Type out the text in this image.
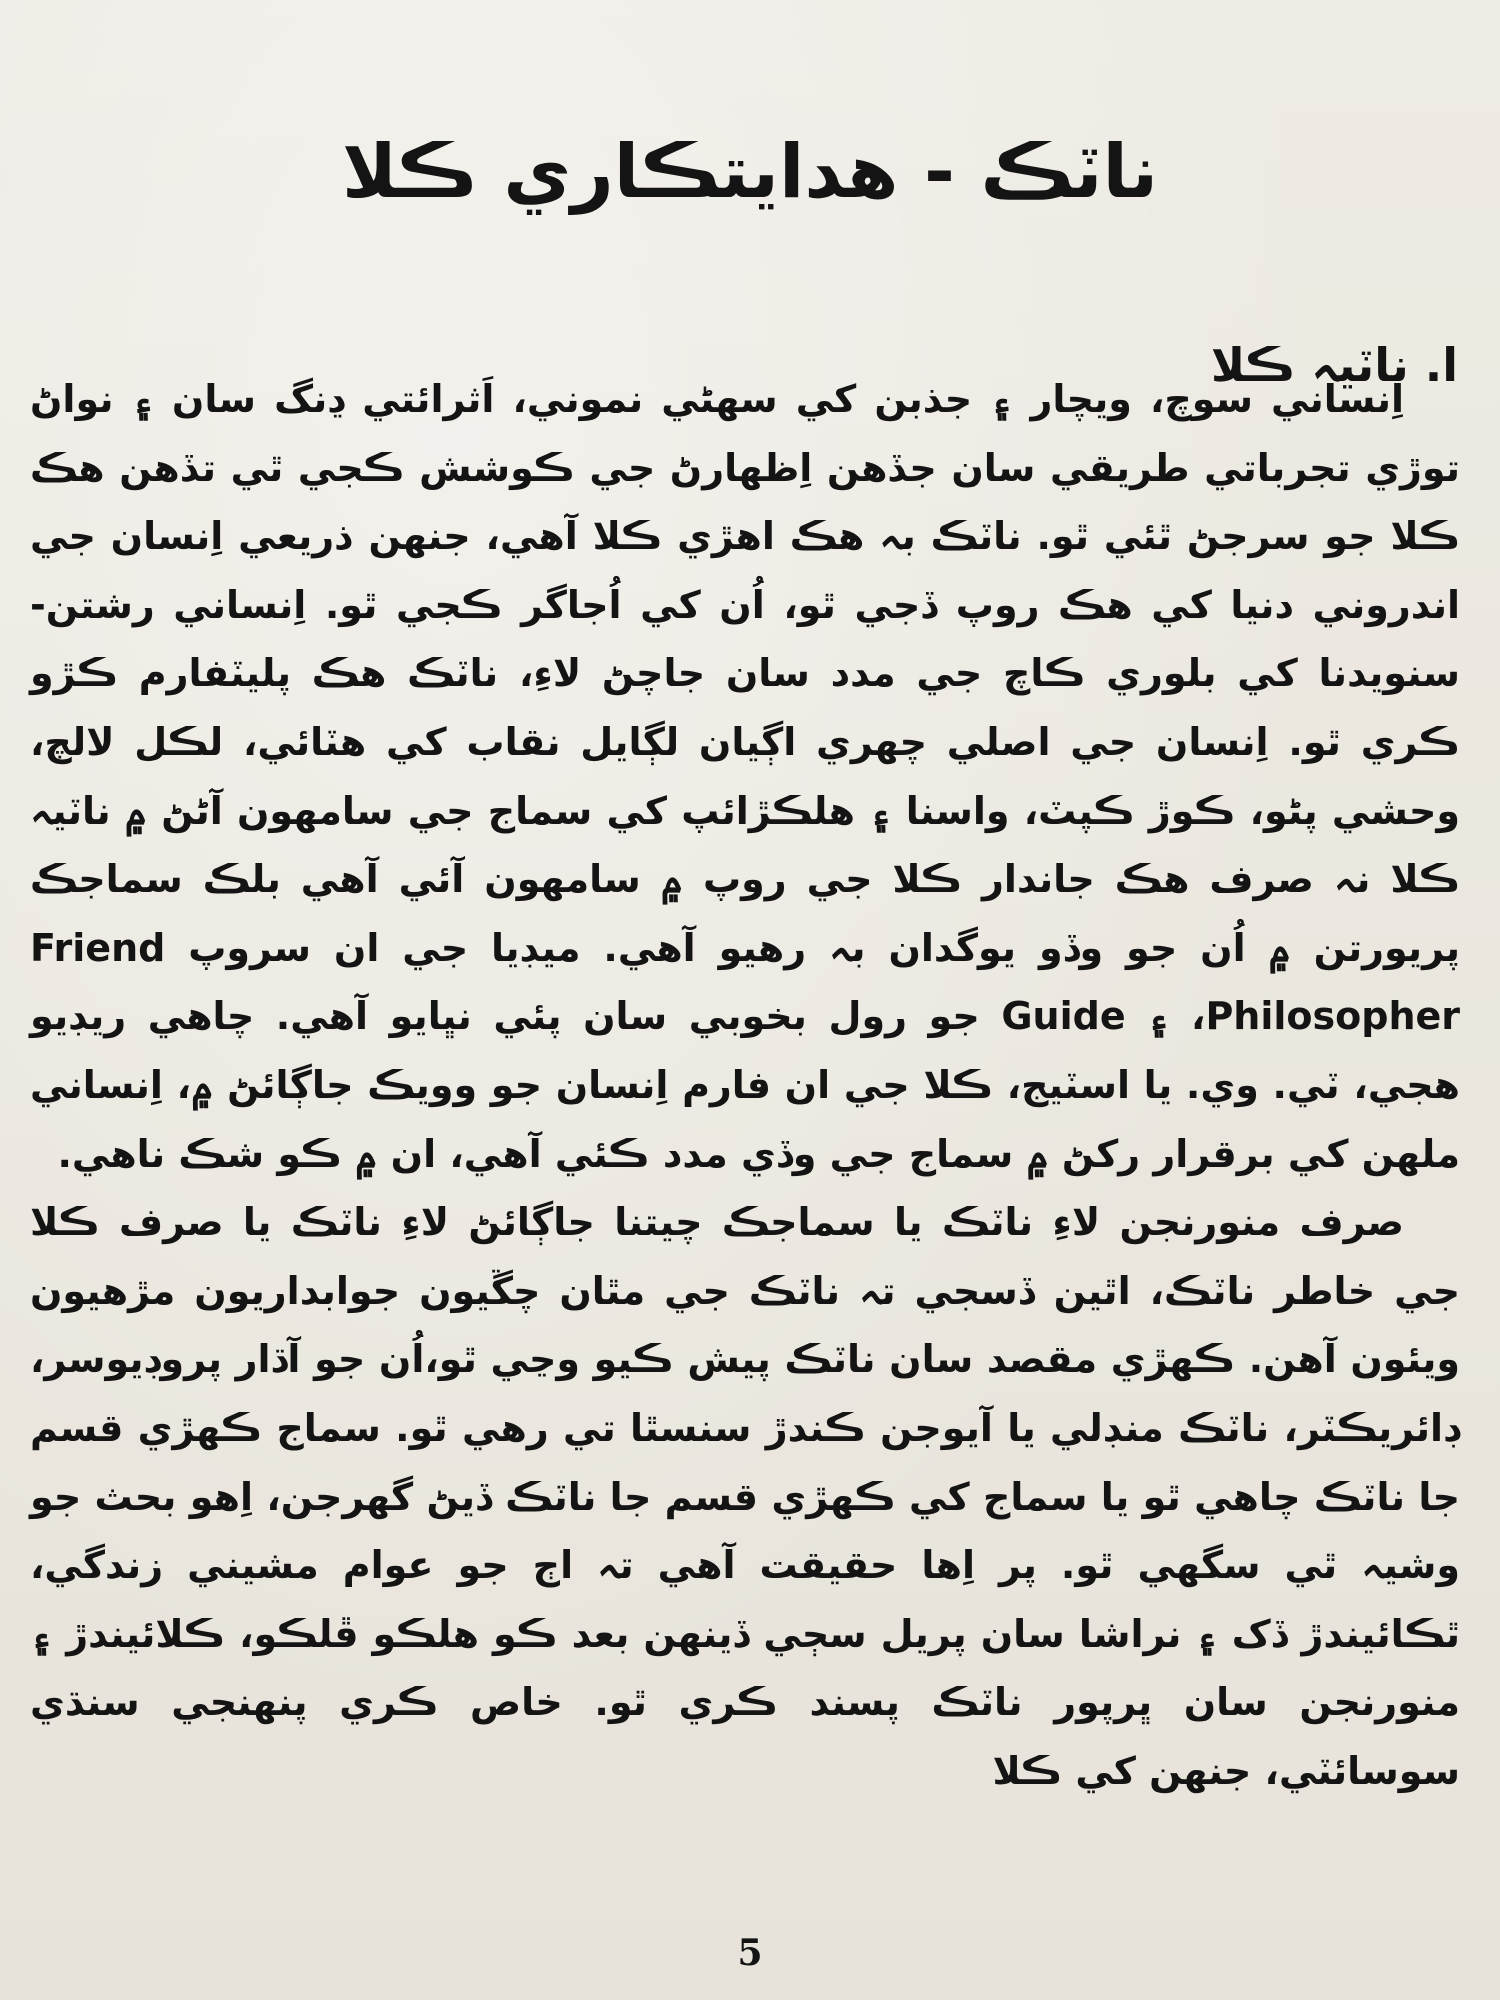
ناٽڪ - هدايتڪاري ڪلا
ا. ناٽيہ ڪلا

اِنساني سوچ، ويچار ۽ جذبن کي سهڻي نموني، اَثرائتي ڍنگ سان ۽ نواڻ توڙي تجرباتي طريقي سان جڏهن اِظهارڻ جي ڪوشش ڪجي ٿي تڏهن هڪ ڪلا جو سرجڻ ٿئي ٿو. ناٽڪ بہ هڪ اهڙي ڪلا آهي، جنهن ذريعي اِنسان جي اندروني دنيا کي هڪ روپ ڏجي ٿو، اُن کي اُجاگر ڪجي ٿو. اِنساني رشتن-سنويدنا کي بلوري ڪاچ جي مدد سان جاچڻ لاءِ، ناٽڪ هڪ پليٽفارم ڪڙو ڪري ٿو. اِنسان جي اصلي چهري اڳيان لڳايل نقاب کي هٽائي، لڪل لالچ، وحشي پڻو، ڪوڙ ڪپٽ، واسنا ۽ هلڪڙائپ کي سماج جي سامهون آڻڻ ۾ ناٽيہ ڪلا نہ صرف هڪ جاندار ڪلا جي روپ ۾ سامهون آئي آهي بلڪ سماجڪ پريورتن ۾ اُن جو وڏو يوگدان بہ رهيو آهي. ميڊيا جي ان سروپ Friend ،Philosopher ۽ Guide جو رول بخوبي سان پئي نڀايو آهي. چاهي ريڊيو هجي، ٽي. وي. يا اسٽيج، ڪلا جي ان فارم اِنسان جو وويڪ جاڳائڻ ۾، اِنساني ملهن کي برقرار رکڻ ۾ سماج جي وڏي مدد ڪئي آهي، ان ۾ ڪو شڪ ناهي.

صرف منورنجن لاءِ ناٽڪ يا سماجڪ چيتنا جاڳائڻ لاءِ ناٽڪ يا صرف ڪلا جي خاطر ناٽڪ، اٿين ڏسجي تہ ناٽڪ جي مٿان چڱيون جوابداريون مڙهيون ويئون آهن. ڪهڙي مقصد سان ناٽڪ پيش ڪيو وڃي ٿو،اُن جو آڌار پروڊيوسر، ڊائريڪٽر، ناٽڪ منڊلي يا آيوجن ڪندڙ سنسٿا تي رهي ٿو. سماج ڪهڙي قسم جا ناٽڪ چاهي ٿو يا سماج کي ڪهڙي قسم جا ناٽڪ ڏيڻ گهرجن، اِهو بحث جو وشيہ ٿي سگهي ٿو. پر اِها حقيقت آهي تہ اڄ جو عوام مشيني زندگي، ٿڪائيندڙ ڏک ۽ نراشا سان پريل سڄي ڏينهن بعد ڪو هلڪو ڦلڪو، ڪلائيندڙ ۽ منورنجن سان ڀرپور ناٽڪ پسند ڪري ٿو. خاص ڪري پنهنجي سنڌي سوسائٽي، جنهن کي ڪلا

5
